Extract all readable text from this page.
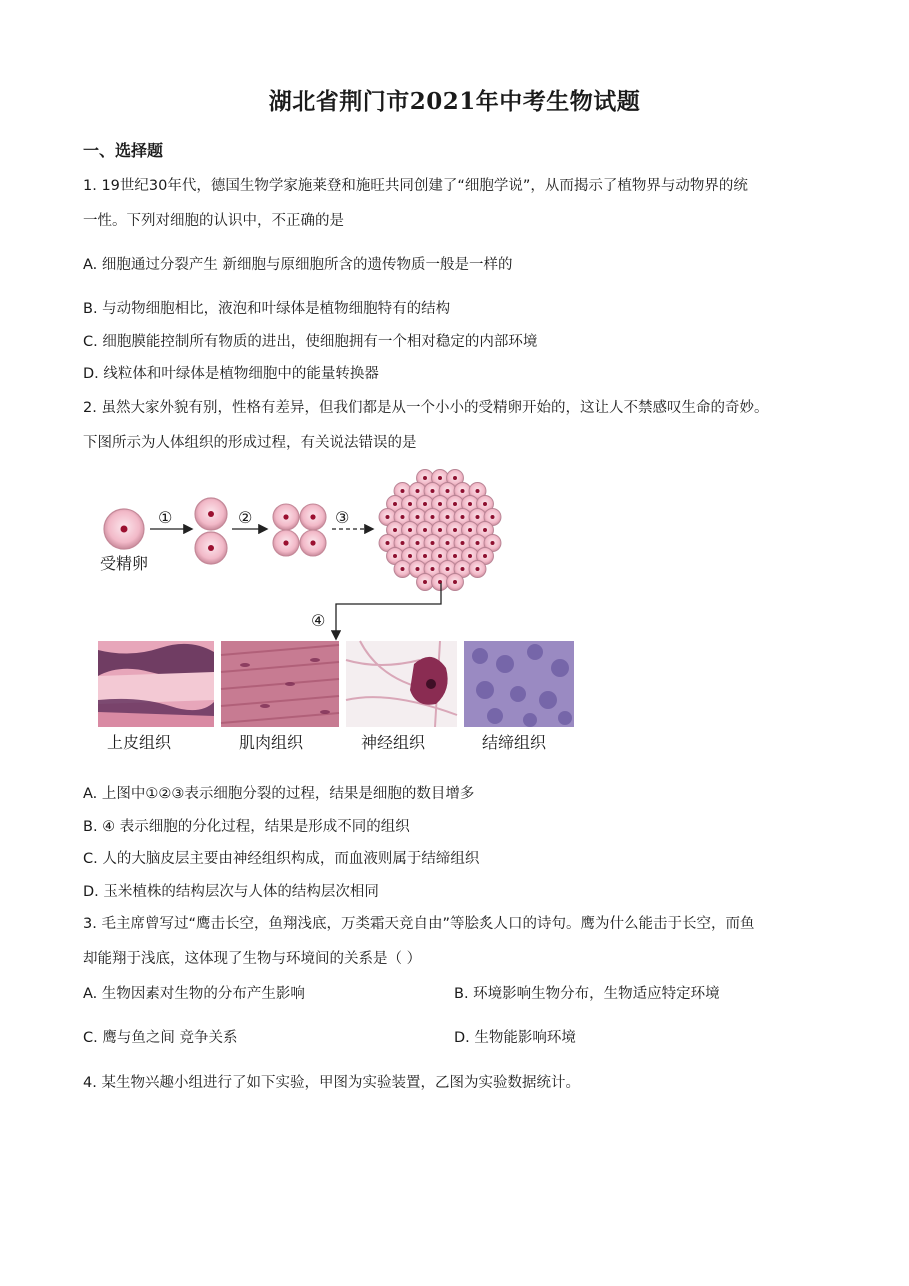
湖北省荆门市2021年中考生物试题
一、选择题
1. 19世纪30年代，德国生物学家施莱登和施旺共同创建了“细胞学说”，从而揭示了植物界与动物界的统
一性。下列对细胞的认识中，不正确的是
A. 细胞通过分裂产生 新细胞与原细胞所含的遗传物质一般是一样的
B. 与动物细胞相比，液泡和叶绿体是植物细胞特有的结构
C. 细胞膜能控制所有物质的进出，使细胞拥有一个相对稳定的内部环境
D. 线粒体和叶绿体是植物细胞中的能量转换器
2. 虽然大家外貌有别，性格有差异，但我们都是从一个小小的受精卵开始的，这让人不禁感叹生命的奇妙。
下图所示为人体组织的形成过程，有关说法错误的是
①	②	③
④
受精卵
上皮组织	肌肉组织	神经组织	结缔组织
A. 上图中①②③表示细胞分裂的过程，结果是细胞的数目增多
B. ④ 表示细胞的分化过程，结果是形成不同的组织
C. 人的大脑皮层主要由神经组织构成，而血液则属于结缔组织
D. 玉米植株的结构层次与人体的结构层次相同
3. 毛主席曾写过“鹰击长空，鱼翔浅底，万类霜天竞自由”等脍炙人口的诗句。鹰为什么能击于长空，而鱼
却能翔于浅底，这体现了生物与环境间的关系是（ ）
A. 生物因素对生物的分布产生影响	B. 环境影响生物分布，生物适应特定环境
C. 鹰与鱼之间 竞争关系	D. 生物能影响环境
4. 某生物兴趣小组进行了如下实验，甲图为实验装置，乙图为实验数据统计。
